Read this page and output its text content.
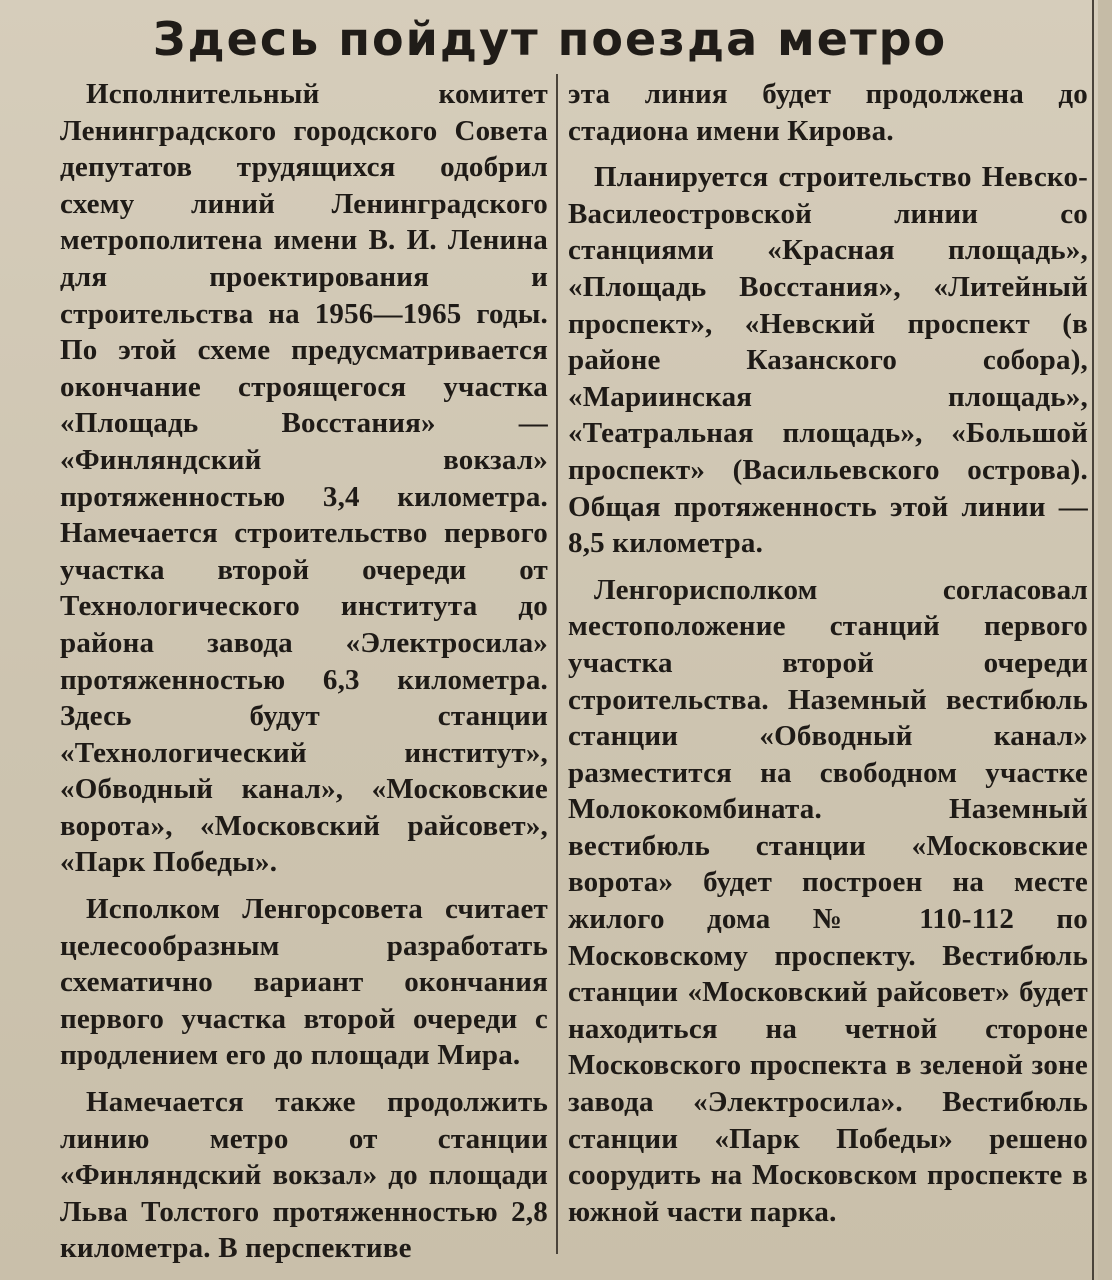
Здесь пойдут поезда метро

Исполнительный комитет Ленинградского городского Совета депутатов трудящихся одобрил схему линий Ленинградского метрополитена имени В. И. Ленина для проектирования и строительства на 1956—1965 годы. По этой схеме предусматривается окончание строящегося участка «Площадь Восстания» — «Финляндский вокзал» протяженностью 3,4 километра. Намечается строительство первого участка второй очереди от Технологического института до района завода «Электросила» протяженностью 6,3 километра. Здесь будут станции «Технологический институт», «Обводный канал», «Московские ворота», «Московский райсовет», «Парк Победы».

Исполком Ленгорсовета считает целесообразным разработать схематично вариант окончания первого участка второй очереди с продлением его до площади Мира.

Намечается также продолжить линию метро от станции «Финляндский вокзал» до площади Льва Толстого протяженностью 2,8 километра. В перспективе

эта линия будет продолжена до стадиона имени Кирова.

Планируется строительство Невско-Василеостровской линии со станциями «Красная площадь», «Площадь Восстания», «Литейный проспект», «Невский проспект (в районе Казанского собора), «Мариинская площадь», «Театральная площадь», «Большой проспект» (Васильевского острова). Общая протяженность этой линии — 8,5 километра.

Ленгорисполком согласовал местоположение станций первого участка второй очереди строительства. Наземный вестибюль станции «Обводный канал» разместится на свободном участке Молококомбината. Наземный вестибюль станции «Московские ворота» будет построен на месте жилого дома № 110-112 по Московскому проспекту. Вестибюль станции «Московский райсовет» будет находиться на четной стороне Московского проспекта в зеленой зоне завода «Электросила». Вестибюль станции «Парк Победы» решено соорудить на Московском проспекте в южной части парка.
